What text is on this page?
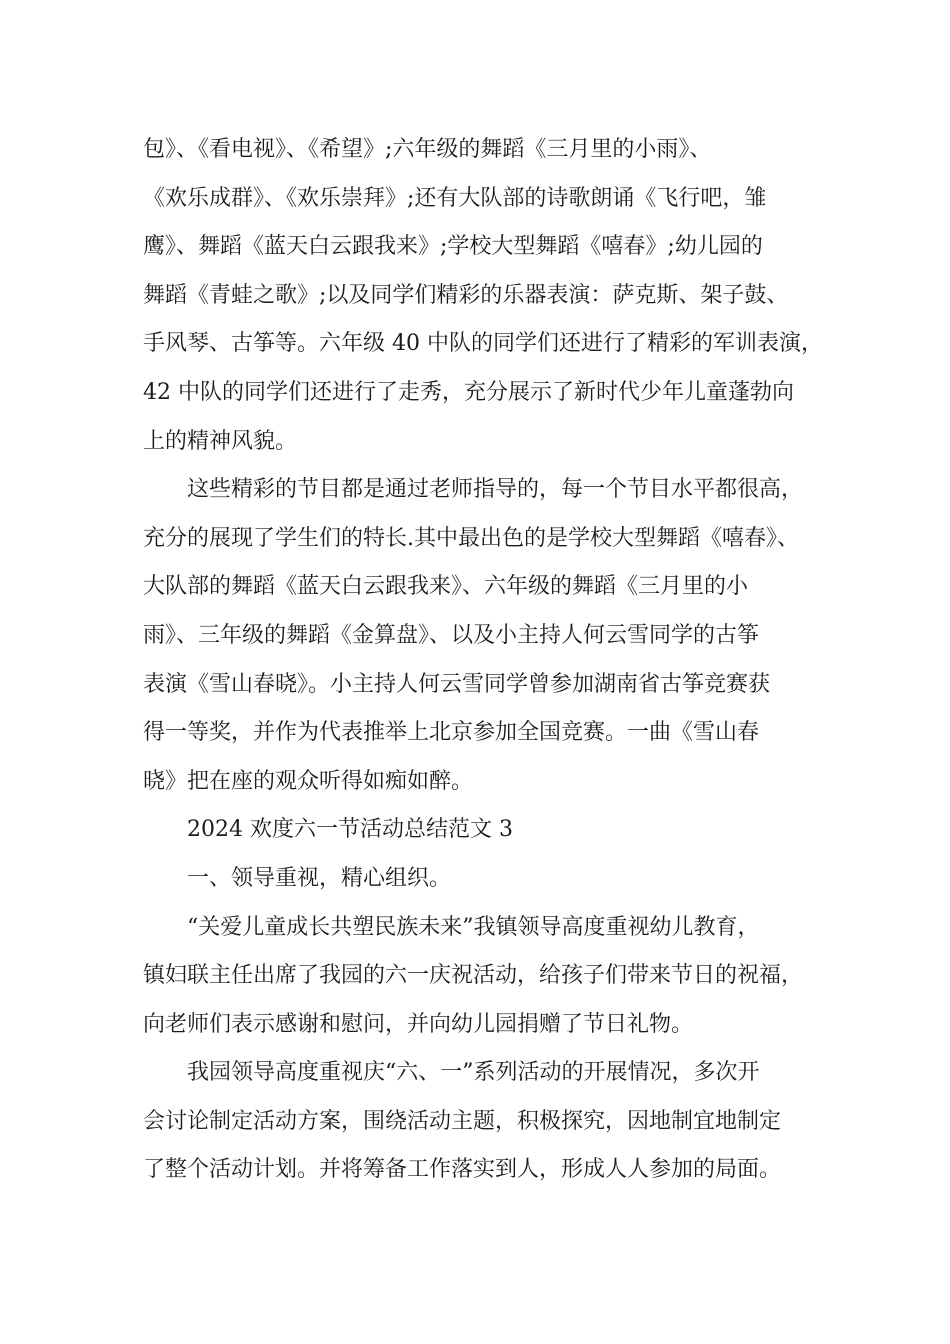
包》、《看电视》、《希望》;六年级的舞蹈《三月里的小雨》、
《欢乐成群》、《欢乐崇拜》;还有大队部的诗歌朗诵《飞行吧，雏
鹰》、舞蹈《蓝天白云跟我来》;学校大型舞蹈《嘻春》;幼儿园的
舞蹈《青蛙之歌》;以及同学们精彩的乐器表演：萨克斯、架子鼓、
手风琴、古筝等。六年级 40 中队的同学们还进行了精彩的军训表演，
42 中队的同学们还进行了走秀，充分展示了新时代少年儿童蓬勃向
上的精神风貌。
这些精彩的节目都是通过老师指导的，每一个节目水平都很高，
充分的展现了学生们的特长.其中最出色的是学校大型舞蹈《嘻春》、
大队部的舞蹈《蓝天白云跟我来》、六年级的舞蹈《三月里的小
雨》、三年级的舞蹈《金算盘》、以及小主持人何云雪同学的古筝
表演《雪山春晓》。小主持人何云雪同学曾参加湖南省古筝竞赛获
得一等奖，并作为代表推举上北京参加全国竞赛。一曲《雪山春
晓》把在座的观众听得如痴如醉。
2024 欢度六一节活动总结范文 3
一、领导重视，精心组织。
“关爱儿童成长共塑民族未来”我镇领导高度重视幼儿教育，
镇妇联主任出席了我园的六一庆祝活动，给孩子们带来节日的祝福，
向老师们表示感谢和慰问，并向幼儿园捐赠了节日礼物。
我园领导高度重视庆“六、一”系列活动的开展情况，多次开
会讨论制定活动方案，围绕活动主题，积极探究，因地制宜地制定
了整个活动计划。并将筹备工作落实到人，形成人人参加的局面。
